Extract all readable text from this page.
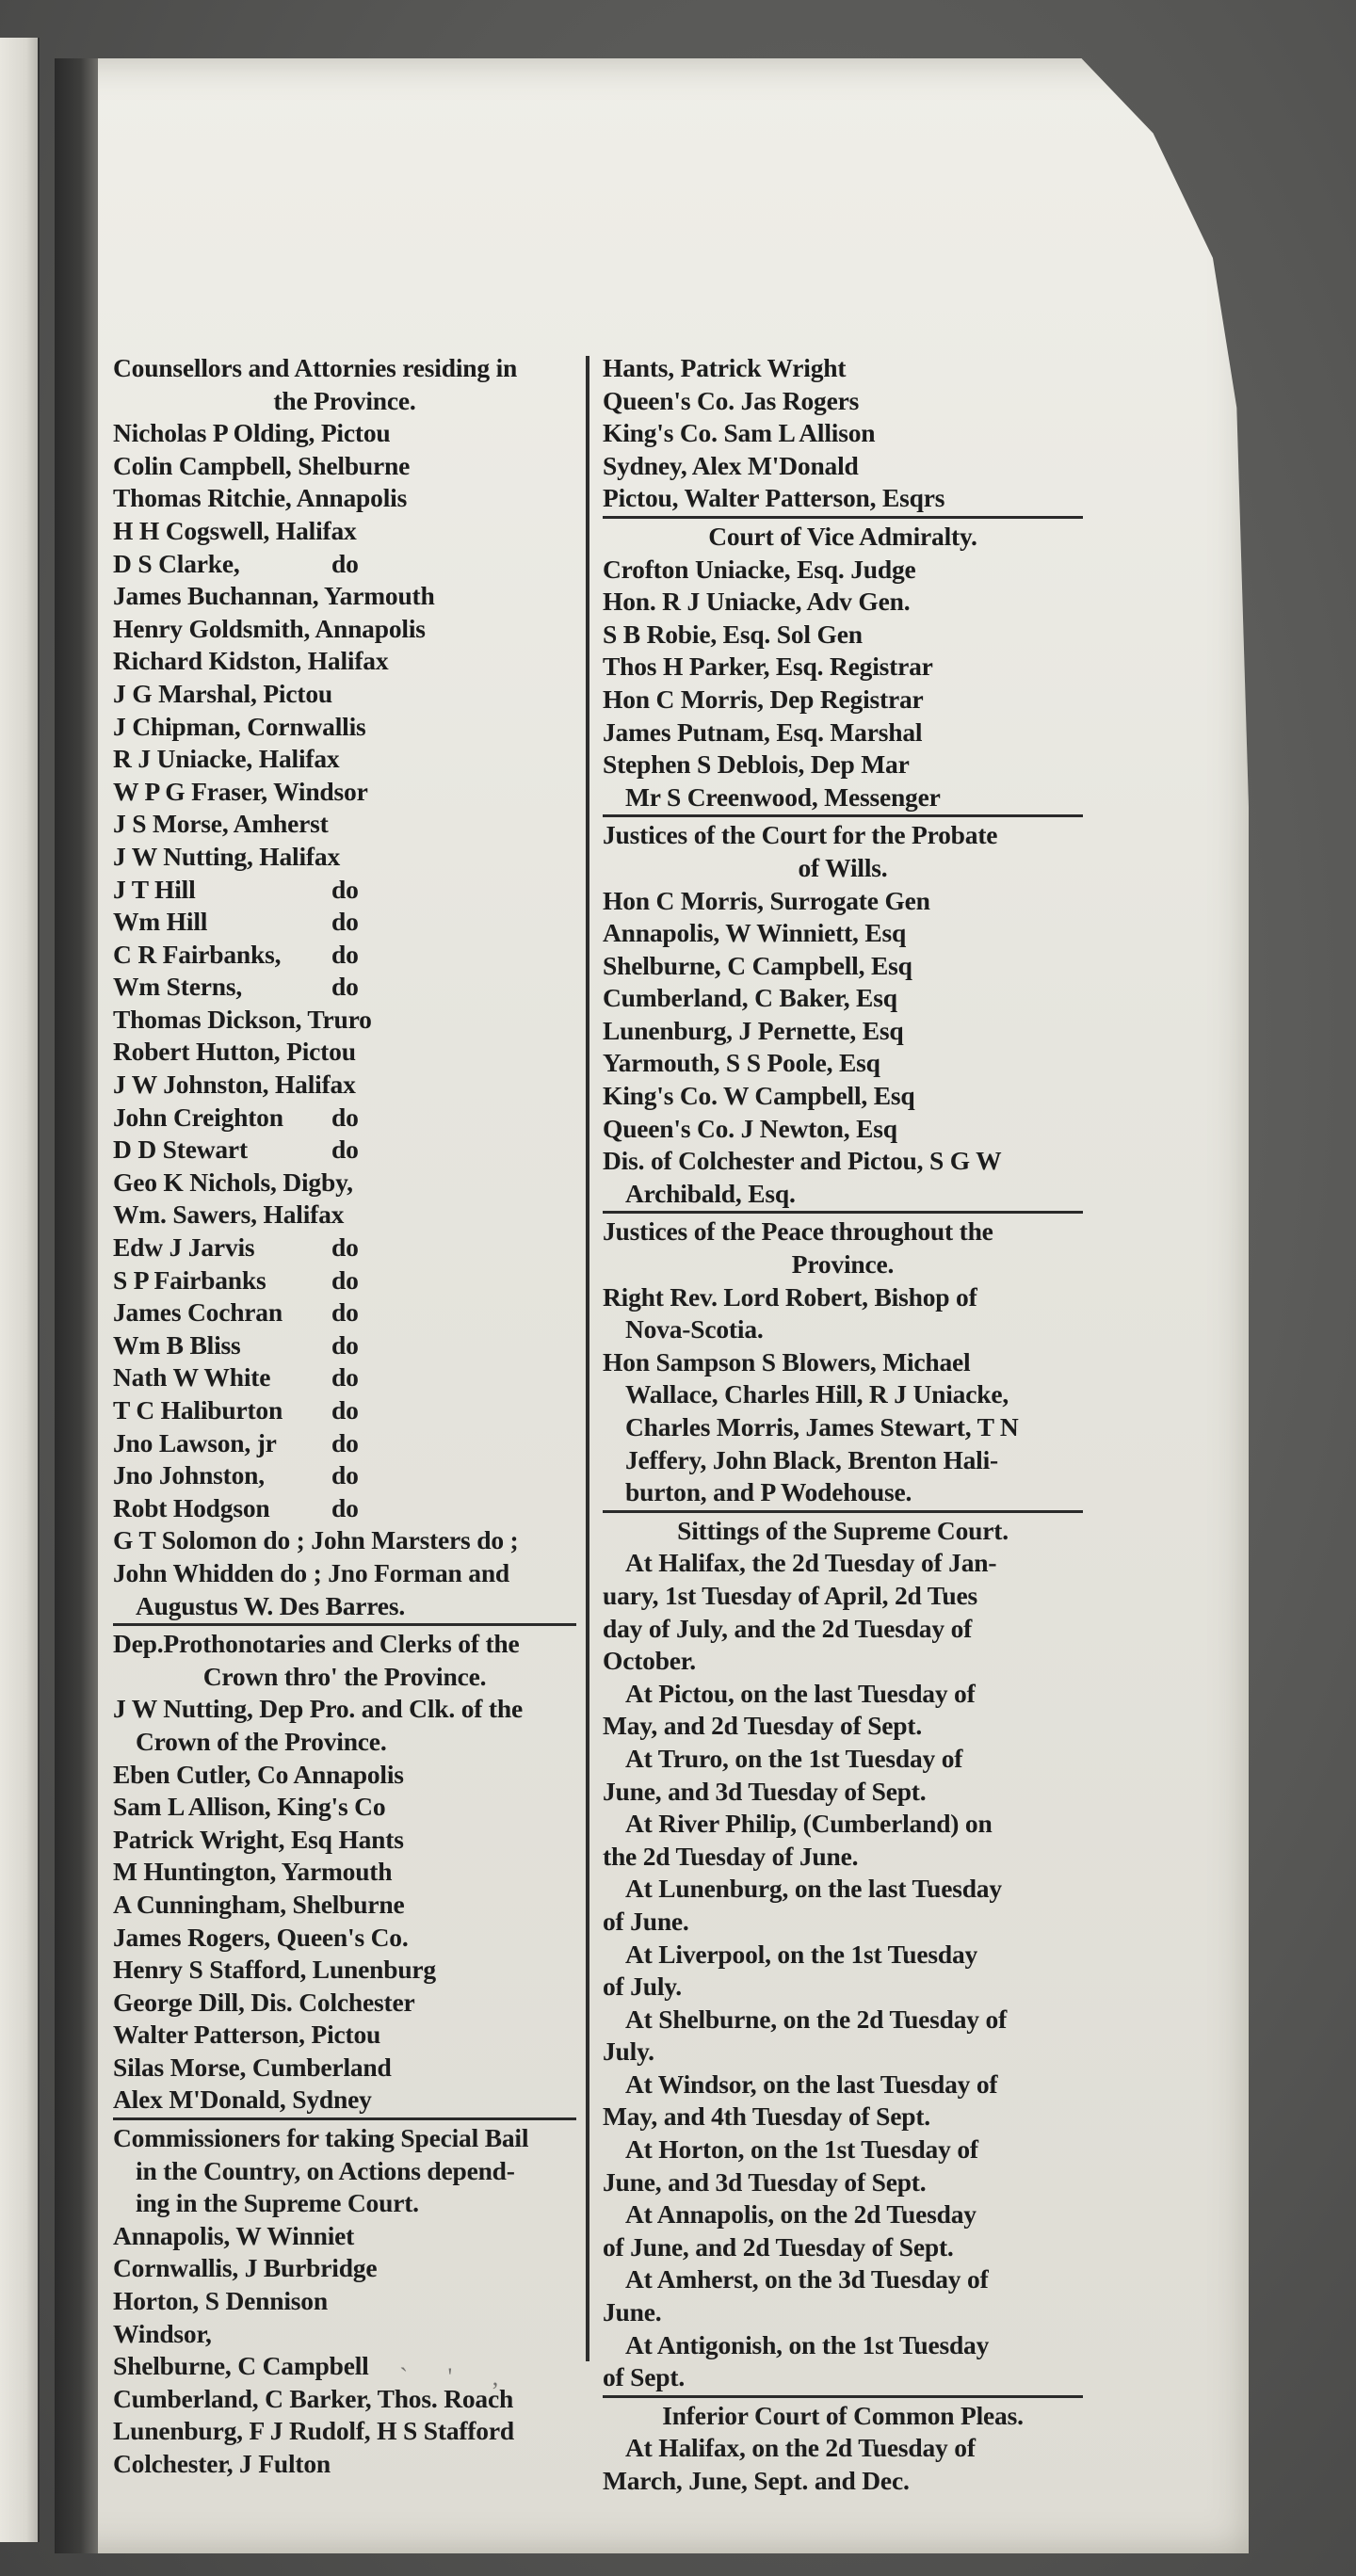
Counsellors and Attornies residing in
the Province.
Nicholas P Olding, Pictou
Colin Campbell, Shelburne
Thomas Ritchie, Annapolis
H H Cogswell, Halifax
D S Clarke,	do
James Buchannan, Yarmouth
Henry Goldsmith, Annapolis
Richard Kidston, Halifax
J G Marshal, Pictou
J Chipman, Cornwallis
R J Uniacke, Halifax
W P G Fraser, Windsor
J S Morse, Amherst
J W Nutting, Halifax
J T Hill	do
Wm Hill	do
C R Fairbanks, do
Wm Sterns,	do
Thomas Dickson, Truro
Robert Hutton, Pictou
J W Johnston, Halifax
John Creighton do
D D Stewart	do
Geo K Nichols, Digby,
Wm. Sawers, Halifax
Edw J Jarvis	do
S P Fairbanks	do
James Cochran do
Wm B Bliss	do
Nath W White do
T C Haliburton do
Jno Lawson, jr do
Jno Johnston,	do
Robt Hodgson do
G T Solomon do ; John Marsters do ;
John Whidden do ; Jno Forman and
Augustus W. Des Barres.
Dep.Prothonotaries and Clerks of the
Crown thro' the Province.
J W Nutting, Dep Pro. and Clk. of the
Crown of the Province.
Eben Cutler, Co Annapolis
Sam L Allison, King's Co
Patrick Wright, Esq Hants
M Huntington, Yarmouth
A Cunningham, Shelburne
James Rogers, Queen's Co.
Henry S Stafford, Lunenburg
George Dill, Dis. Colchester
Walter Patterson, Pictou
Silas Morse, Cumberland
Alex M'Donald, Sydney
Commissioners for taking Special Bail
in the Country, on Actions depend-
ing in the Supreme Court.
Annapolis, W Winniet
Cornwallis, J Burbridge
Horton, S Dennison
Windsor,
Shelburne, C Campbell
Cumberland, C Barker, Thos. Roach
Lunenburg, F J Rudolf, H S Stafford
Colchester, J Fulton
Hants, Patrick Wright
Queen's Co. Jas Rogers
King's Co. Sam L Allison
Sydney, Alex M'Donald
Pictou, Walter Patterson, Esqrs
Court of Vice Admiralty.
Crofton Uniacke, Esq. Judge
Hon. R J Uniacke, Adv Gen.
S B Robie, Esq. Sol Gen
Thos H Parker, Esq. Registrar
Hon C Morris, Dep Registrar
James Putnam, Esq. Marshal
Stephen S Deblois, Dep Mar
Mr S Creenwood, Messenger
Justices of the Court for the Probate
of Wills.
Hon C Morris, Surrogate Gen
Annapolis, W Winniett, Esq
Shelburne, C Campbell, Esq
Cumberland, C Baker, Esq
Lunenburg, J Pernette, Esq
Yarmouth, S S Poole, Esq
King's Co. W Campbell, Esq
Queen's Co. J Newton, Esq
Dis. of Colchester and Pictou, S G W
Archibald, Esq.
Justices of the Peace throughout the
Province.
Right Rev. Lord Robert, Bishop of
Nova-Scotia.
Hon Sampson S Blowers, Michael
Wallace, Charles Hill, R J Uniacke,
Charles Morris, James Stewart, T N
Jeffery, John Black, Brenton Hali-
burton, and P Wodehouse.
Sittings of the Supreme Court.
At Halifax, the 2d Tuesday of Jan-
uary, 1st Tuesday of April, 2d Tues
day of July, and the 2d Tuesday of
October.
At Pictou, on the last Tuesday of
May, and 2d Tuesday of Sept.
At Truro, on the 1st Tuesday of
June, and 3d Tuesday of Sept.
At River Philip, (Cumberland) on
the 2d Tuesday of June.
At Lunenburg, on the last Tuesday
of June.
At Liverpool, on the 1st Tuesday
of July.
At Shelburne, on the 2d Tuesday of
July.
At Windsor, on the last Tuesday of
May, and 4th Tuesday of Sept.
At Horton, on the 1st Tuesday of
June, and 3d Tuesday of Sept.
At Annapolis, on the 2d Tuesday
of June, and 2d Tuesday of Sept.
At Amherst, on the 3d Tuesday of
June.
At Antigonish, on the 1st Tuesday
of Sept.
Inferior Court of Common Pleas.
At Halifax, on the 2d Tuesday of
March, June, Sept. and Dec.
' ' ` ' ,
